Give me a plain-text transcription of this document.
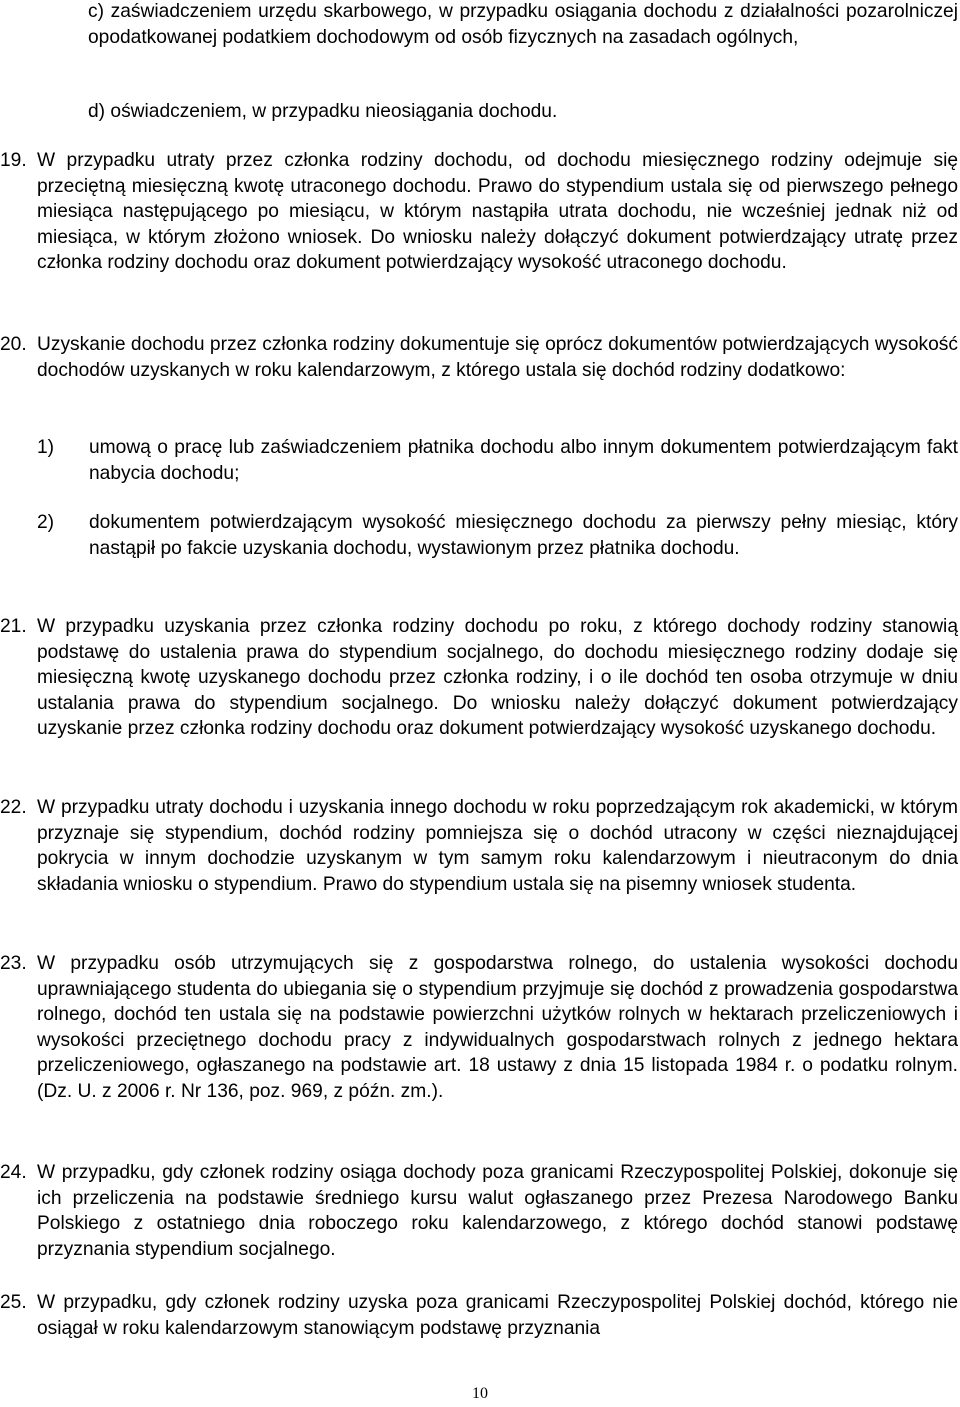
c) zaświadczeniem urzędu skarbowego, w przypadku osiągania dochodu z działalności pozarolniczej opodatkowanej podatkiem dochodowym od osób fizycznych na zasadach ogólnych,
d) oświadczeniem, w przypadku nieosiągania dochodu.
19. W przypadku utraty przez członka rodziny dochodu, od dochodu miesięcznego rodziny odejmuje się przeciętną miesięczną kwotę utraconego dochodu. Prawo do stypendium ustala się od pierwszego pełnego miesiąca następującego po miesiącu, w którym nastąpiła utrata dochodu, nie wcześniej jednak niż od miesiąca, w którym złożono wniosek. Do wniosku należy dołączyć dokument potwierdzający utratę przez członka rodziny dochodu oraz dokument potwierdzający wysokość utraconego dochodu.
20. Uzyskanie dochodu przez członka rodziny dokumentuje się oprócz dokumentów potwierdzających wysokość dochodów uzyskanych w roku kalendarzowym, z którego ustala się dochód rodziny dodatkowo:
1) umową o pracę lub zaświadczeniem płatnika dochodu albo innym dokumentem potwierdzającym fakt nabycia dochodu;
2) dokumentem potwierdzającym wysokość miesięcznego dochodu za pierwszy pełny miesiąc, który nastąpił po fakcie uzyskania dochodu, wystawionym przez płatnika dochodu.
21. W przypadku uzyskania przez członka rodziny dochodu po roku, z którego dochody rodziny stanowią podstawę do ustalenia prawa do stypendium socjalnego, do dochodu miesięcznego rodziny dodaje się miesięczną kwotę uzyskanego dochodu przez członka rodziny, i o ile dochód ten osoba otrzymuje w dniu ustalania prawa do stypendium socjalnego. Do wniosku należy dołączyć dokument potwierdzający uzyskanie przez członka rodziny dochodu oraz dokument potwierdzający wysokość uzyskanego dochodu.
22. W przypadku utraty dochodu i uzyskania innego dochodu w roku poprzedzającym rok akademicki, w którym przyznaje się stypendium, dochód rodziny pomniejsza się o dochód utracony w części nieznajdującej pokrycia w innym dochodzie uzyskanym w tym samym roku kalendarzowym i nieutraconym do dnia składania wniosku o stypendium. Prawo do stypendium ustala się na pisemny wniosek studenta.
23. W przypadku osób utrzymujących się z gospodarstwa rolnego, do ustalenia wysokości dochodu uprawniającego studenta do ubiegania się o stypendium przyjmuje się dochód z prowadzenia gospodarstwa rolnego, dochód ten ustala się na podstawie powierzchni użytków rolnych w hektarach przeliczeniowych i wysokości przeciętnego dochodu pracy z indywidualnych gospodarstwach rolnych z jednego hektara przeliczeniowego, ogłaszanego na podstawie art. 18 ustawy z dnia 15 listopada 1984 r. o podatku rolnym. (Dz. U. z 2006 r. Nr 136, poz. 969, z późn. zm.).
24. W przypadku, gdy członek rodziny osiąga dochody poza granicami Rzeczypospolitej Polskiej, dokonuje się ich przeliczenia na podstawie średniego kursu walut ogłaszanego przez Prezesa Narodowego Banku Polskiego z ostatniego dnia roboczego roku kalendarzowego, z którego dochód stanowi podstawę przyznania stypendium socjalnego.
25. W przypadku, gdy członek rodziny uzyska poza granicami Rzeczypospolitej Polskiej dochód, którego nie osiągał w roku kalendarzowym stanowiącym podstawę przyznania
10
